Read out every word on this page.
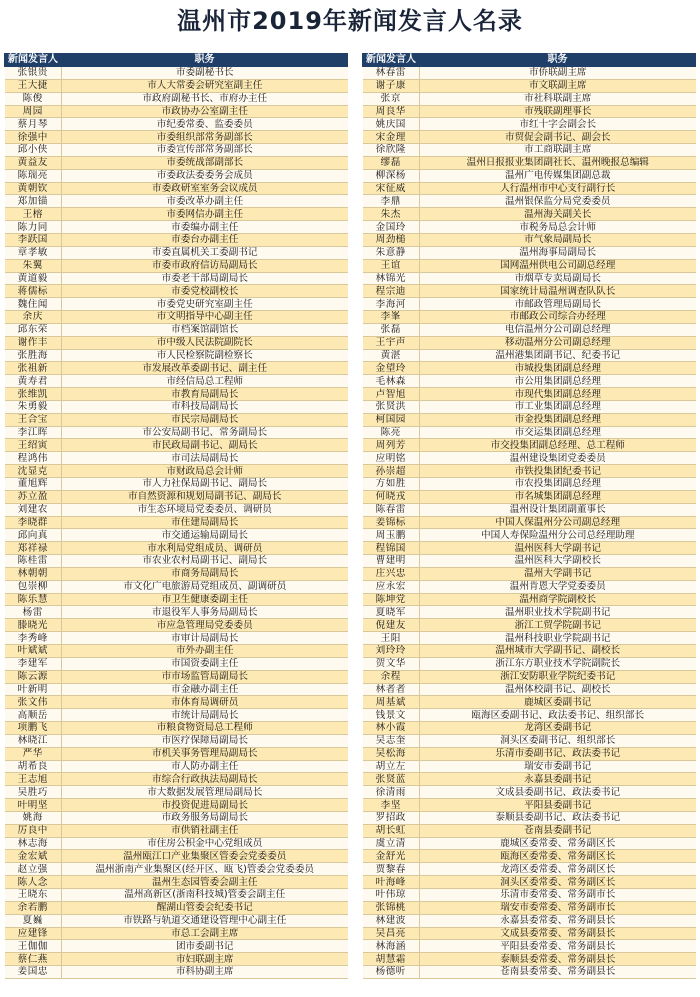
温州市2019年新闻发言人名录
新闻发言人	职务
张银贵	市委副秘书长
王大捷	市人大常委会研究室副主任
陈俊	市政府副秘书长、市府办主任
周园	市政协办公室副主任
蔡月琴	市纪委常委、监委委员
徐强中	市委组织部常务副部长
邱小侠	市委宣传部常务副部长
黄益友	市委统战部副部长
陈瑞亮	市委政法委委务会成员
黄朝钦	市委政研室室务会议成员
郑加锚	市委改革办副主任
王榕	市委网信办副主任
陈力同	市委编办副主任
李跃国	市委台办副主任
章孝敏	市委直属机关工委副书记
朱翼	市委市政府信访局副局长
黄道毅	市委老干部局副局长
蒋儒标	市委党校副校长
魏住闻	市委党史研究室副主任
余庆	市文明指导中心副主任
邱东荣	市档案馆副馆长
谢作丰	市中级人民法院副院长
张胜海	市人民检察院副检察长
张祖新	市发展改革委副书记、副主任
黄寿君	市经信局总工程师
张维凯	市教育局副局长
朱勇毅	市科技局副局长
王合宝	市民宗局副局长
李江晖	市公安局副书记、常务副局长
王绍寅	市民政局副书记、副局长
程鸿伟	市司法局副局长
沈显克	市财政局总会计师
董旭辉	市人力社保局副书记、副局长
苏立盈	市自然资源和规划局副书记、副局长
刘建农	市生态环境局党委委员、调研员
李晓群	市住建局副局长
邱向真	市交通运输局副局长
郑祥禄	市水利局党组成员、调研员
陈桂雷	市农业农村局副书记、副局长
林朝朝	市商务局副局长
包崇柳	市文化广电旅游局党组成员、副调研员
陈乐慧	市卫生健康委副主任
杨雷	市退役军人事务局副局长
滕晓光	市应急管理局党委委员
李秀峰	市审计局副局长
叶斌斌	市外办副主任
李建军	市国资委副主任
陈云源	市市场监管局副局长
叶新明	市金融办副主任
张文伟	市体育局调研员
高顺岳	市统计局副局长
项鹏飞	市粮食物资局总工程师
林晓江	市医疗保障局副局长
严华	市机关事务管理局副局长
胡希良	市人防办副主任
王志旭	市综合行政执法局副局长
吴胜巧	市大数据发展管理局副局长
叶明坚	市投资促进局副局长
姚海	市政务服务局副局长
厉良中	市供销社副主任
林志海	市住房公积金中心党组成员
金宏斌	温州瓯江口产业集聚区管委会党委委员
赵立强	温州浙南产业集聚区(经开区、瓯飞)管委会党委委员
陈人念	温州生态园管委会副主任
王晓东	温州高新区(浙南科技城)管委会副主任
余若鹏	醒湖山管委会纪委书记
夏巍	市铁路与轨道交通建设管理中心副主任
应建锋	市总工会副主席
王伽伽	团市委副书记
蔡仁燕	市妇联副主席
姜国忠	市科协副主席
新闻发言人	职务
林春雷	市侨联副主席
谢子康	市文联副主席
张京	市社科联副主席
周良华	市残联副理事长
姚庆国	市红十字会副会长
宋金理	市贸促会副书记、副会长
徐欣隆	市工商联副主席
缪磊	温州日报报业集团副社长、温州晚报总编辑
柳深杨	温州广电传媒集团副总裁
宋征威	人行温州市中心支行副行长
李鼎	温州银保监分局党委委员
朱杰	温州海关副关长
金国玲	市税务局总会计师
周劲槌	市气象局副局长
朱意静	温州海事局副局长
王谊	国网温州供电公司副总经理
林锦光	市烟草专卖局副局长
程宗迪	国家统计局温州调查队队长
李海河	市邮政管理局副局长
李峯	市邮政公司综合办经理
张磊	电信温州分公司副总经理
王宇声	移动温州分公司副总经理
黄湛	温州港集团副书记、纪委书记
金望玲	市城投集团副总经理
毛林森	市公用集团副总经理
卢智旭	市现代集团副总经理
张贤洪	市工业集团副总经理
柯国园	市金投集团副总经理
陈亮	市交运集团副总经理
周列芳	市交投集团副总经理、总工程师
应明铭	温州建设集团党委委员
孙崇超	市铁投集团纪委书记
方如胜	市农投集团副总经理
何晓戎	市名城集团副总经理
陈春雷	温州设计集团副董事长
姜锦标	中国人保温州分公司副总经理
周玉鹏	中国人寿保险温州分公司总经理助理
程锦国	温州医科大学副书记
曹建明	温州医科大学副校长
庄兴忠	温州大学副书记
应永宏	温州肯恩大学党委委员
陈坤党	温州商学院副校长
夏晓军	温州职业技术学院副书记
倪建友	浙江工贸学院副书记
王阳	温州科技职业学院副书记
刘玲玲	温州城市大学副书记、副校长
贺文华	浙江东方职业技术学院副院长
余程	浙江安防职业学院纪委书记
林者者	温州体校副书记、副校长
周基斌	鹿城区委副书记
钱景文	瓯海区委副书记、政法委书记、组织部长
林小霞	龙湾区委副书记
吴志奎	洞头区委副书记、组织部长
吴松海	乐清市委副书记、政法委书记
胡立左	瑞安市委副书记
张贤蓝	永嘉县委副书记
徐清雨	文成县委副书记、政法委书记
李坚	平阳县委副书记
罗招政	泰顺县委副书记、政法委书记
胡长虹	苍南县委副书记
虞立清	鹿城区委常委、常务副区长
金舒光	瓯海区委常委、常务副区长
贾黎春	龙湾区委常委、常务副区长
叶海峰	洞头区委常委、常务副区长
叶伟琼	乐清市委常委、常务副市长
张锦桃	瑞安市委常委、常务副市长
林建波	永嘉县委常委、常务副县长
吴昌亮	文成县委常委、常务副县长
林海涵	平阳县委常委、常务副县长
胡慧霜	泰顺县委常委、常务副县长
杨德听	苍南县委常委、常务副县长
